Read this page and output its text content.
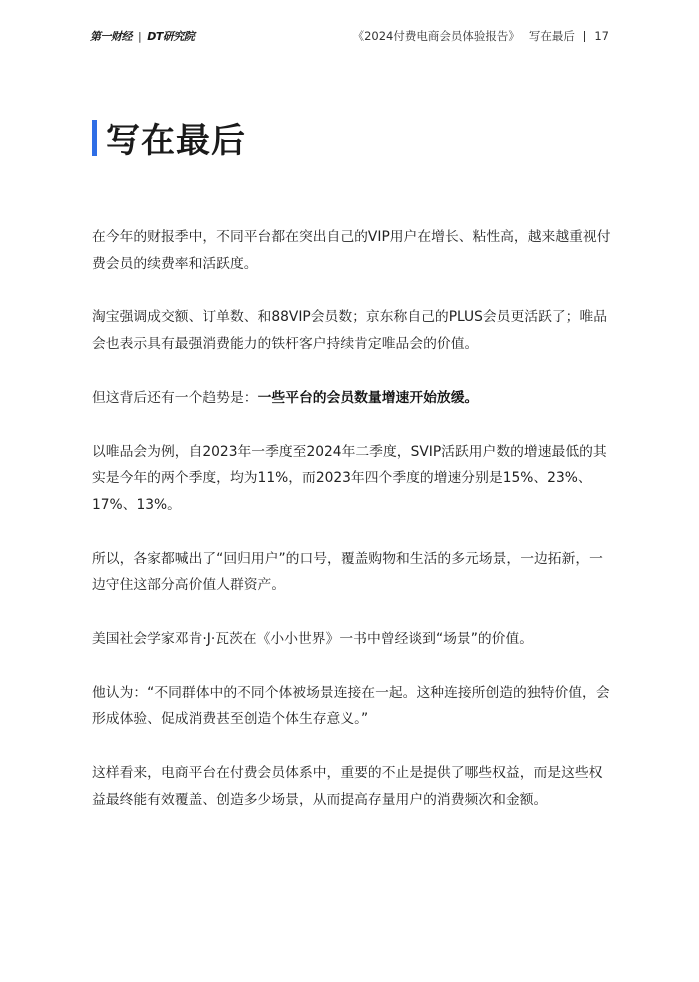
第一财经 | DT研究院	《2024付费电商会员体验报告》 写在最后 17
写在最后

在今年的财报季中，不同平台都在突出自己的VIP用户在增长、粘性高，越来越重视付费会员的续费率和活跃度。

淘宝强调成交额、订单数、和88VIP会员数；京东称自己的PLUS会员更活跃了；唯品会也表示具有最强消费能力的铁杆客户持续肯定唯品会的价值。

但这背后还有一个趋势是：一些平台的会员数量增速开始放缓。

以唯品会为例，自2023年一季度至2024年二季度，SVIP活跃用户数的增速最低的其实是今年的两个季度，均为11%，而2023年四个季度的增速分别是15%、23%、17%、13%。

所以，各家都喊出了“回归用户”的口号，覆盖购物和生活的多元场景，一边拓新，一边守住这部分高价值人群资产。

美国社会学家邓肯·J·瓦茨在《小小世界》一书中曾经谈到“场景”的价值。

他认为：“不同群体中的不同个体被场景连接在一起。这种连接所创造的独特价值，会形成体验、促成消费甚至创造个体生存意义。”

这样看来，电商平台在付费会员体系中，重要的不止是提供了哪些权益，而是这些权益最终能有效覆盖、创造多少场景，从而提高存量用户的消费频次和金额。
